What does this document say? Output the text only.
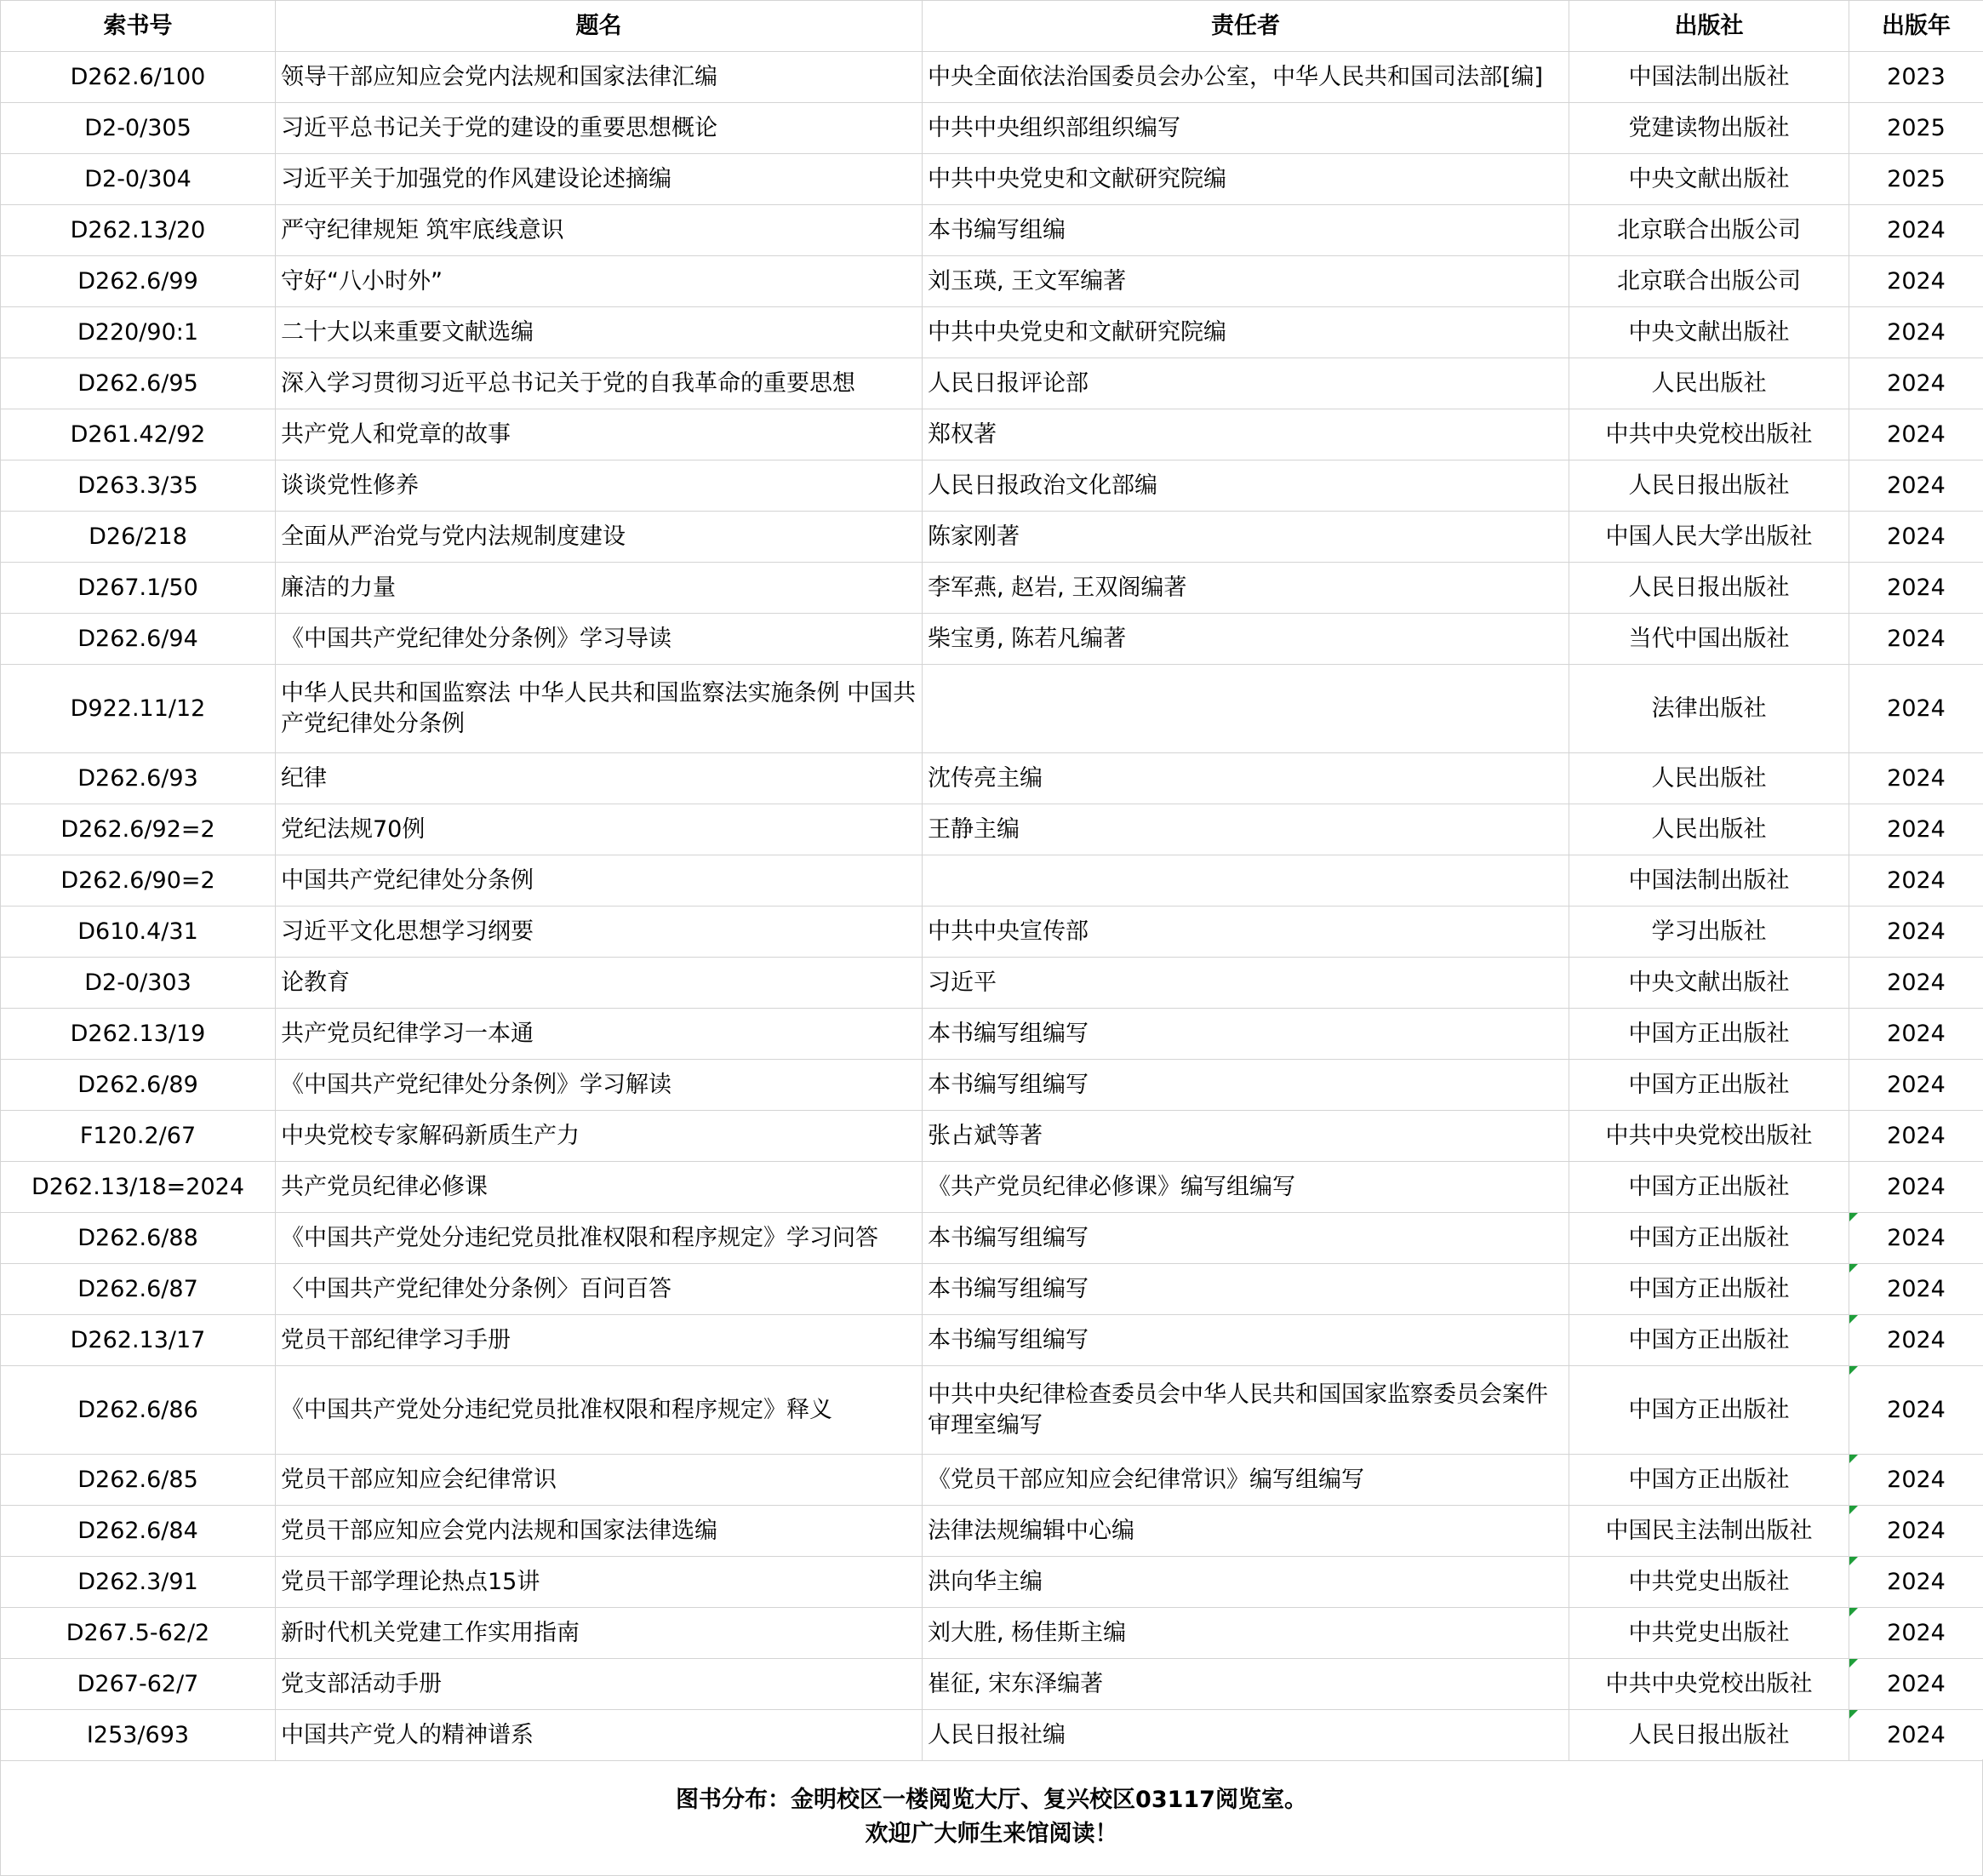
索书号	题名	责任者	出版社	出版年
D262.6/100	领导干部应知应会党内法规和国家法律汇编	中央全面依法治国委员会办公室，中华人民共和国司法部[编]	中国法制出版社	2023
D2-0/305	习近平总书记关于党的建设的重要思想概论	中共中央组织部组织编写	党建读物出版社	2025
D2-0/304	习近平关于加强党的作风建设论述摘编	中共中央党史和文献研究院编	中央文献出版社	2025
D262.13/20	严守纪律规矩 筑牢底线意识	本书编写组编	北京联合出版公司	2024
D262.6/99	守好“八小时外”	刘玉瑛, 王文军编著	北京联合出版公司	2024
D220/90:1	二十大以来重要文献选编	中共中央党史和文献研究院编	中央文献出版社	2024
D262.6/95	深入学习贯彻习近平总书记关于党的自我革命的重要思想	人民日报评论部	人民出版社	2024
D261.42/92	共产党人和党章的故事	郑权著	中共中央党校出版社	2024
D263.3/35	谈谈党性修养	人民日报政治文化部编	人民日报出版社	2024
D26/218	全面从严治党与党内法规制度建设	陈家刚著	中国人民大学出版社	2024
D267.1/50	廉洁的力量	李军燕, 赵岩, 王双阁编著	人民日报出版社	2024
D262.6/94	《中国共产党纪律处分条例》学习导读	柴宝勇, 陈若凡编著	当代中国出版社	2024
D922.11/12	中华人民共和国监察法 中华人民共和国监察法实施条例 中国共产党纪律处分条例		法律出版社	2024
D262.6/93	纪律	沈传亮主编	人民出版社	2024
D262.6/92=2	党纪法规70例	王静主编	人民出版社	2024
D262.6/90=2	中国共产党纪律处分条例		中国法制出版社	2024
D610.4/31	习近平文化思想学习纲要	中共中央宣传部	学习出版社	2024
D2-0/303	论教育	习近平	中央文献出版社	2024
D262.13/19	共产党员纪律学习一本通	本书编写组编写	中国方正出版社	2024
D262.6/89	《中国共产党纪律处分条例》学习解读	本书编写组编写	中国方正出版社	2024
F120.2/67	中央党校专家解码新质生产力	张占斌等著	中共中央党校出版社	2024
D262.13/18=2024	共产党员纪律必修课	《共产党员纪律必修课》编写组编写	中国方正出版社	2024
D262.6/88	《中国共产党处分违纪党员批准权限和程序规定》学习问答	本书编写组编写	中国方正出版社	2024
D262.6/87	〈中国共产党纪律处分条例〉百问百答	本书编写组编写	中国方正出版社	2024
D262.13/17	党员干部纪律学习手册	本书编写组编写	中国方正出版社	2024
D262.6/86	《中国共产党处分违纪党员批准权限和程序规定》释义	中共中央纪律检查委员会中华人民共和国国家监察委员会案件审理室编写	中国方正出版社	2024
D262.6/85	党员干部应知应会纪律常识	《党员干部应知应会纪律常识》编写组编写	中国方正出版社	2024
D262.6/84	党员干部应知应会党内法规和国家法律选编	法律法规编辑中心编	中国民主法制出版社	2024
D262.3/91	党员干部学理论热点15讲	洪向华主编	中共党史出版社	2024
D267.5-62/2	新时代机关党建工作实用指南	刘大胜, 杨佳斯主编	中共党史出版社	2024
D267-62/7	党支部活动手册	崔征, 宋东泽编著	中共中央党校出版社	2024
I253/693	中国共产党人的精神谱系	人民日报社编	人民日报出版社	2024
图书分布：金明校区一楼阅览大厅、复兴校区03117阅览室。
欢迎广大师生来馆阅读！
